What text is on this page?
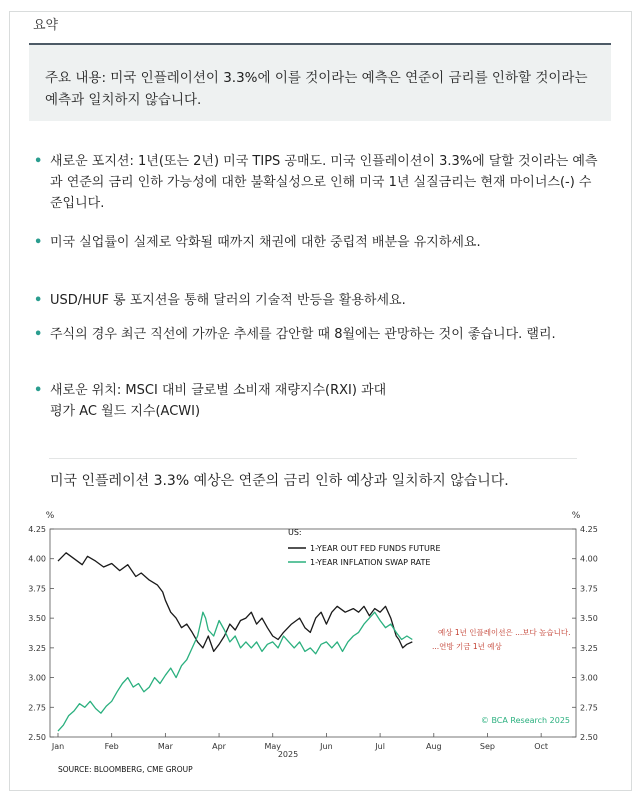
요약
주요 내용: 미국 인플레이션이 3.3%에 이를 것이라는 예측은 연준이 금리를 인하할 것이라는 예측과 일치하지 않습니다.
• 새로운 포지션: 1년(또는 2년) 미국 TIPS 공매도. 미국 인플레이션이 3.3%에 달할 것이라는 예측과 연준의 금리 인하 가능성에 대한 불확실성으로 인해 미국 1년 실질금리는 현재 마이너스(-) 수준입니다.
• 미국 실업률이 실제로 악화될 때까지 채권에 대한 중립적 배분을 유지하세요.
• USD/HUF 롱 포지션을 통해 달러의 기술적 반등을 활용하세요.
• 주식의 경우 최근 직선에 가까운 추세를 감안할 때 8월에는 관망하는 것이 좋습니다. 랠리.
• 새로운 위치: MSCI 대비 글로벌 소비재 재량지수(RXI) 과대평가 AC 월드 지수(ACWI)
미국 인플레이션 3.3% 예상은 연준의 금리 인하 예상과 일치하지 않습니다.
2.50	2.50
2.75	2.75
3.00	3.00
3.25	3.25
3.50	3.50
3.75	3.75
4.00	4.00
4.25	4.25
Jan	Feb	Mar	Apr	May	Jun	Jul	Aug	Sep	Oct
%	%
2025
US:
1-YEAR OUT FED FUNDS FUTURE
1-YEAR INFLATION SWAP RATE
예상 1년 인플레이션은 ...보다 높습니다.
...연방 기금 1년 예상
© BCA Research 2025
SOURCE: BLOOMBERG, CME GROUP
